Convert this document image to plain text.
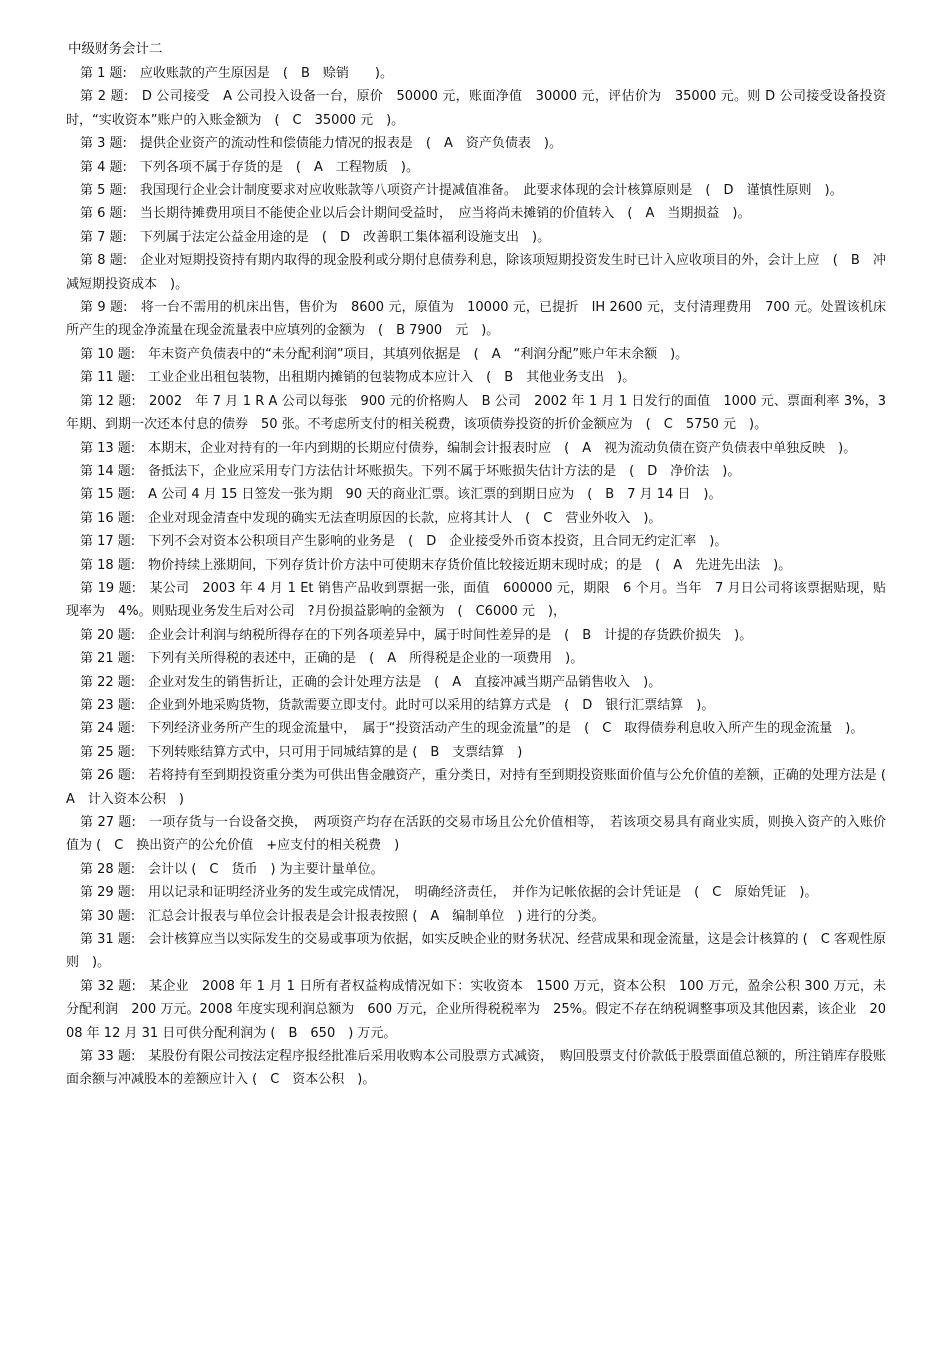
中级财务会计二

第 1 题:　应收账款的产生原因是　(　B　赊销　　)。

第 2 题:　D 公司接受　A 公司投入设备一台，原价　50000 元，账面净值　30000 元，评估价为　35000 元。则 D 公司接受设备投资时，“实收资本”账户的入账金额为　(　C　35000 元　)。

第 3 题:　提供企业资产的流动性和偿债能力情况的报表是　(　A　资产负债表　)。

第 4 题:　下列各项不属于存货的是　(　A　工程物质　)。

第 5 题:　我国现行企业会计制度要求对应收账款等八项资产计提减值准备。　此要求体现的会计核算原则是　(　D　谨慎性原则　)。

第 6 题:　当长期待摊费用项目不能使企业以后会计期间受益时，　应当将尚未摊销的价值转入　(　A　当期损益　)。

第 7 题:　下列属于法定公益金用途的是　(　D　改善职工集体福利设施支出　)。

第 8 题:　企业对短期投资持有期内取得的现金股利或分期付息债券利息，除该项短期投资发生时已计入应收项目的外，会计上应　(　B　冲减短期投资成本　)。

第 9 题:　将一台不需用的机床出售，售价为　8600 元，原值为　10000 元，已提折　IH 2600 元，支付清理费用　700 元。处置该机床所产生的现金净流量在现金流量表中应填列的金额为　(　B 7900　元　)。

第 10 题:　年末资产负债表中的“未分配利润”项目，其填列依据是　(　A　“利润分配”账户年末余额　)。

第 11 题:　工业企业出租包装物，出租期内摊销的包装物成本应计入　(　B　其他业务支出　)。

第 12 题:　2002　年 7 月 1 R A 公司以每张　900 元的价格购人　B 公司　2002 年 1 月 1 日发行的面值　1000 元、票面利率 3%，3 年期、到期一次还本付息的债券　50 张。不考虑所支付的相关税费，该项债券投资的折价金额应为　(　C　5750 元　)。

第 13 题:　本期末，企业对持有的一年内到期的长期应付债券，编制会计报表时应　(　A　视为流动负债在资产负债表中单独反映　)。

第 14 题:　备抵法下，企业应采用专门方法估计坏账损失。下列不属于坏账损失估计方法的是　(　D　净价法　)。

第 15 题:　A 公司 4 月 15 日签发一张为期　90 天的商业汇票。该汇票的到期日应为　(　B　7 月 14 日　)。

第 16 题:　企业对现金清查中发现的确实无法查明原因的长款，应将其计人　(　C　营业外收入　)。

第 17 题:　下列不会对资本公积项目产生影响的业务是　(　D　企业接受外币资本投资，且合同无约定汇率　)。

第 18 题:　物价持续上涨期间，下列存货计价方法中可使期末存货价值比较接近期末现时成；的是　(　A　先进先出法　)。

第 19 题:　某公司　2003 年 4 月 1 Et 销售产品收到票据一张，面值　600000 元，期限　6 个月。当年　7 月日公司将该票据贴现，贴现率为　4%。则贴现业务发生后对公司　?月份损益影响的金额为　(　C6000 元　)，

第 20 题:　企业会计利润与纳税所得存在的下列各项差异中，属于时间性差异的是　(　B　计提的存货跌价损失　)。

第 21 题:　下列有关所得税的表述中，正确的是　(　A　所得税是企业的一项费用　)。

第 22 题:　企业对发生的销售折让，正确的会计处理方法是　(　A　直接冲减当期产品销售收入　)。

第 23 题:　企业到外地采购货物，货款需要立即支付。此时可以采用的结算方式是　(　D　银行汇票结算　)。

第 24 题:　下列经济业务所产生的现金流量中，　属于“投资活动产生的现金流量”的是　(　C　取得债券利息收入所产生的现金流量　)。

第 25 题:　下列转账结算方式中，只可用于同城结算的是 (　B　支票结算　)

第 26 题:　若将持有至到期投资重分类为可供出售金融资产，重分类日，对持有至到期投资账面价值与公允价值的差额，正确的处理方法是 (　A　计入资本公积　)

第 27 题:　一项存货与一台设备交换，　两项资产均存在活跃的交易市场且公允价值相等，　若该项交易具有商业实质，则换入资产的入账价值为 (　C　换出资产的公允价值　+应支付的相关税费　)

第 28 题:　会计以 (　C　货币　) 为主要计量单位。

第 29 题:　用以记录和证明经济业务的发生或完成情况，　明确经济责任，　并作为记帐依据的会计凭证是　(　C　原始凭证　)。

第 30 题:　汇总会计报表与单位会计报表是会计报表按照 (　A　编制单位　) 进行的分类。

第 31 题:　会计核算应当以实际发生的交易或事项为依据，如实反映企业的财务状况、经营成果和现金流量，这是会计核算的 (　C 客观性原则　)。

第 32 题:　某企业　2008 年 1 月 1 日所有者权益构成情况如下：实收资本　1500 万元，资本公积　100 万元，盈余公积 300 万元，未分配利润　200 万元。2008 年度实现利润总额为　600 万元，企业所得税税率为　25%。假定不存在纳税调整事项及其他因素，该企业　2008 年 12 月 31 日可供分配利润为 (　B　650　) 万元。

第 33 题:　某股份有限公司按法定程序报经批准后采用收购本公司股票方式减资，　购回股票支付价款低于股票面值总额的，所注销库存股账面余额与冲减股本的差额应计入 (　C　资本公积　)。
